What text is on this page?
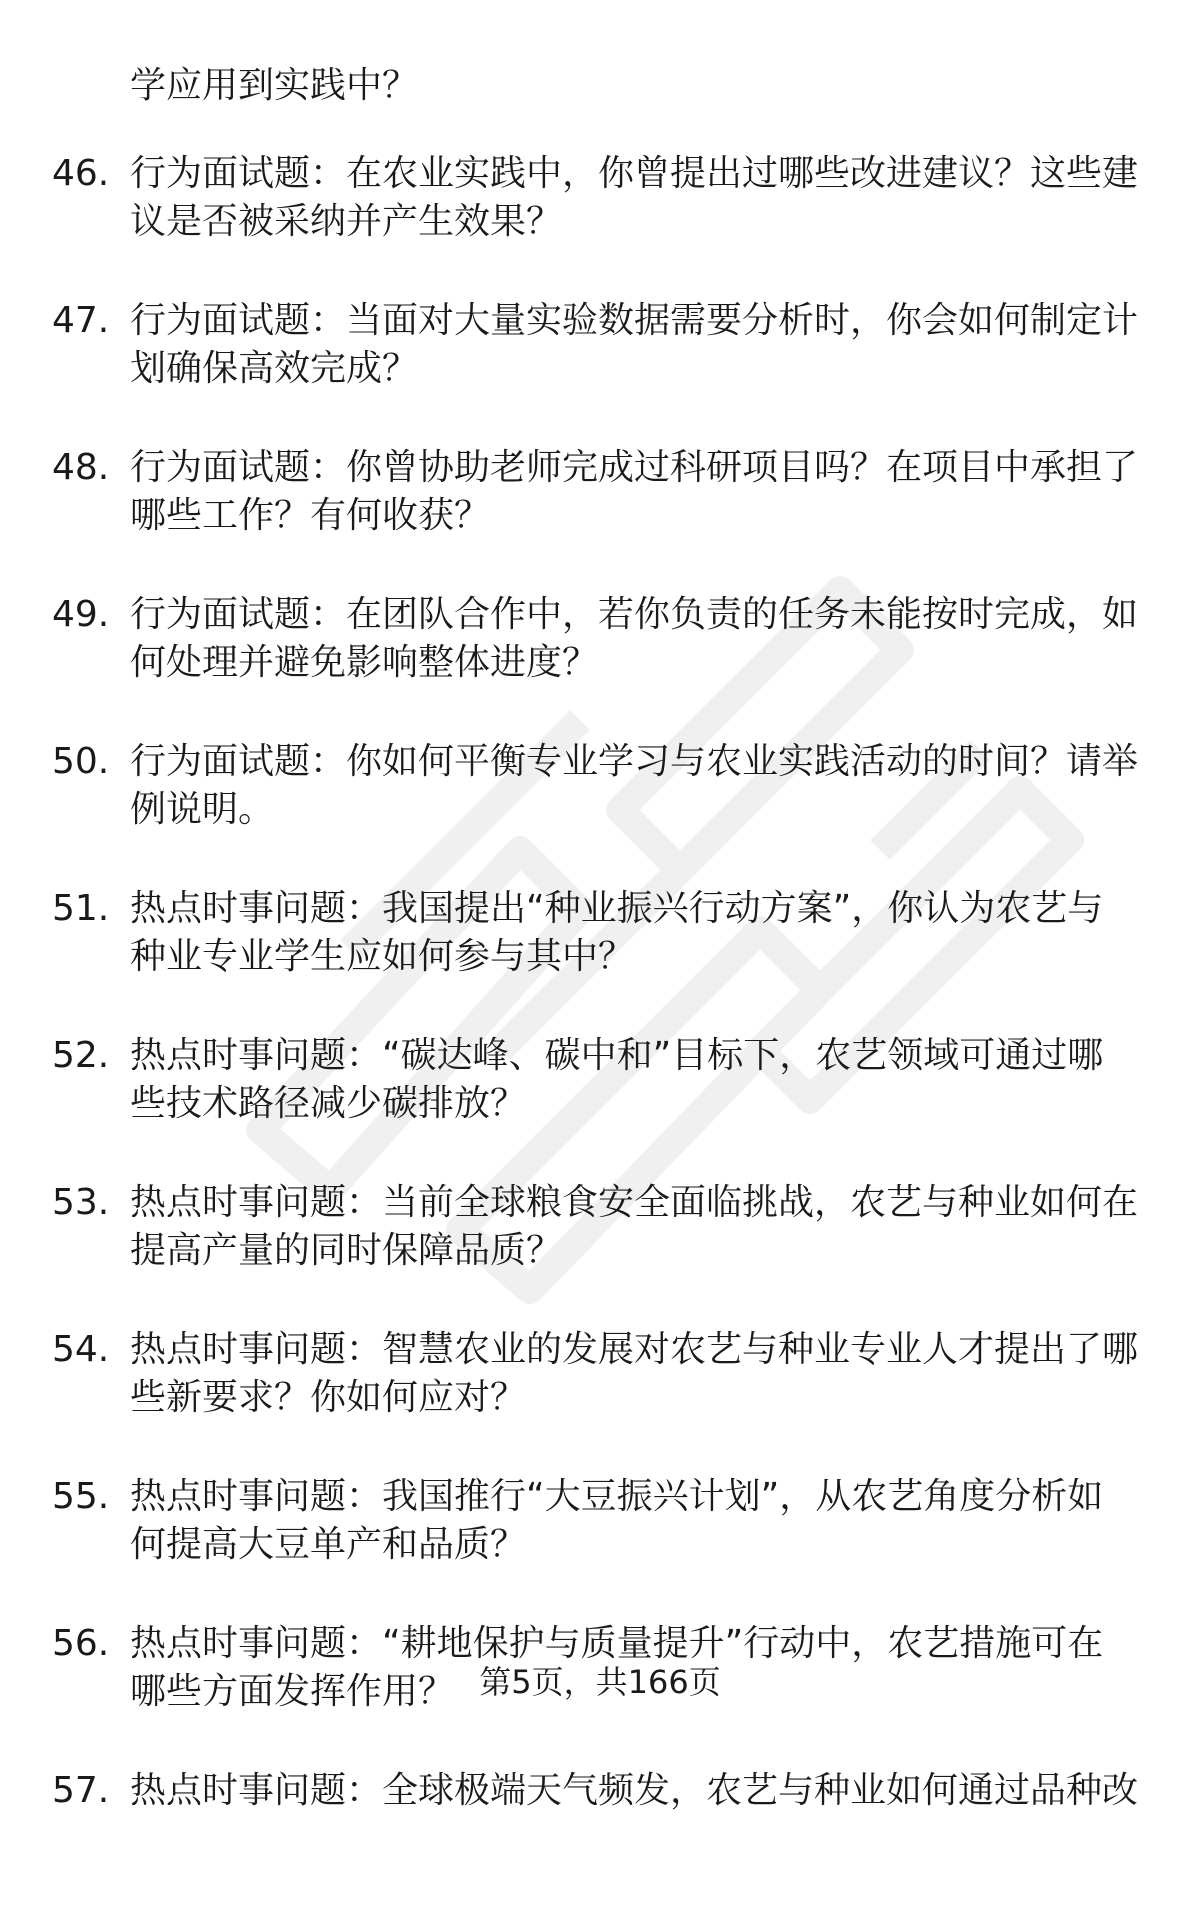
学应用到实践中？
46. 行为面试题：在农业实践中，你曾提出过哪些改进建议？这些建
议是否被采纳并产生效果？
47. 行为面试题：当面对大量实验数据需要分析时，你会如何制定计
划确保高效完成？
48. 行为面试题：你曾协助老师完成过科研项目吗？在项目中承担了
哪些工作？有何收获？
49. 行为面试题：在团队合作中，若你负责的任务未能按时完成，如
何处理并避免影响整体进度？
50. 行为面试题：你如何平衡专业学习与农业实践活动的时间？请举
例说明。
51. 热点时事问题：我国提出“种业振兴行动方案”，你认为农艺与
种业专业学生应如何参与其中？
52. 热点时事问题：“碳达峰、碳中和”目标下，农艺领域可通过哪
些技术路径减少碳排放？
53. 热点时事问题：当前全球粮食安全面临挑战，农艺与种业如何在
提高产量的同时保障品质？
54. 热点时事问题：智慧农业的发展对农艺与种业专业人才提出了哪
些新要求？你如何应对？
55. 热点时事问题：我国推行“大豆振兴计划”，从农艺角度分析如
何提高大豆单产和品质？
56. 热点时事问题：“耕地保护与质量提升”行动中，农艺措施可在
哪些方面发挥作用？
57. 热点时事问题：全球极端天气频发，农艺与种业如何通过品种改
第5页，共166页
